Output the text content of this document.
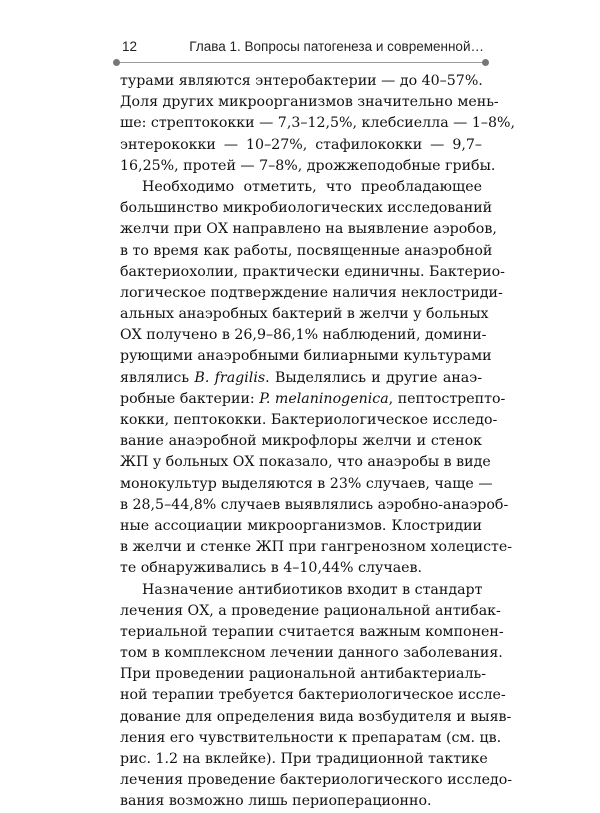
12	Глава 1. Вопросы патогенеза и современной…
турами являются энтеробактерии — до 40–57%.
Доля других микроорганизмов значительно мень-
ше: стрептококки — 7,3–12,5%, клебсиелла — 1–8%,
энтерококки — 10–27%, стафилококки — 9,7–
16,25%, протей — 7–8%, дрожжеподобные грибы.
Необходимо отметить, что преобладающее
большинство микробиологических исследований
желчи при ОХ направлено на выявление аэробов,
в то время как работы, посвященные анаэробной
бактериохолии, практически единичны. Бактерио-
логическое подтверждение наличия неклостриди-
альных анаэробных бактерий в желчи у больных
ОХ получено в 26,9–86,1% наблюдений, домини-
рующими анаэробными билиарными культурами
являлись B. fragilis. Выделялись и другие анаэ-
робные бактерии: P. melaninogenica, пептострепто-
кокки, пептококки. Бактериологическое исследо-
вание анаэробной микрофлоры желчи и стенок
ЖП у больных ОХ показало, что анаэробы в виде
монокультур выделяются в 23% случаев, чаще —
в 28,5–44,8% случаев выявлялись аэробно-анаэроб-
ные ассоциации микроорганизмов. Клостридии
в желчи и стенке ЖП при гангренозном холецисте-
те обнаруживались в 4–10,44% случаев.
Назначение антибиотиков входит в стандарт
лечения ОХ, а проведение рациональной антибак-
териальной терапии считается важным компонен-
том в комплексном лечении данного заболевания.
При проведении рациональной антибактериаль-
ной терапии требуется бактериологическое иссле-
дование для определения вида возбудителя и выяв-
ления его чувствительности к препаратам (см. цв.
рис. 1.2 на вклейке). При традиционной тактике
лечения проведение бактериологического исследо-
вания возможно лишь периоперационно.
